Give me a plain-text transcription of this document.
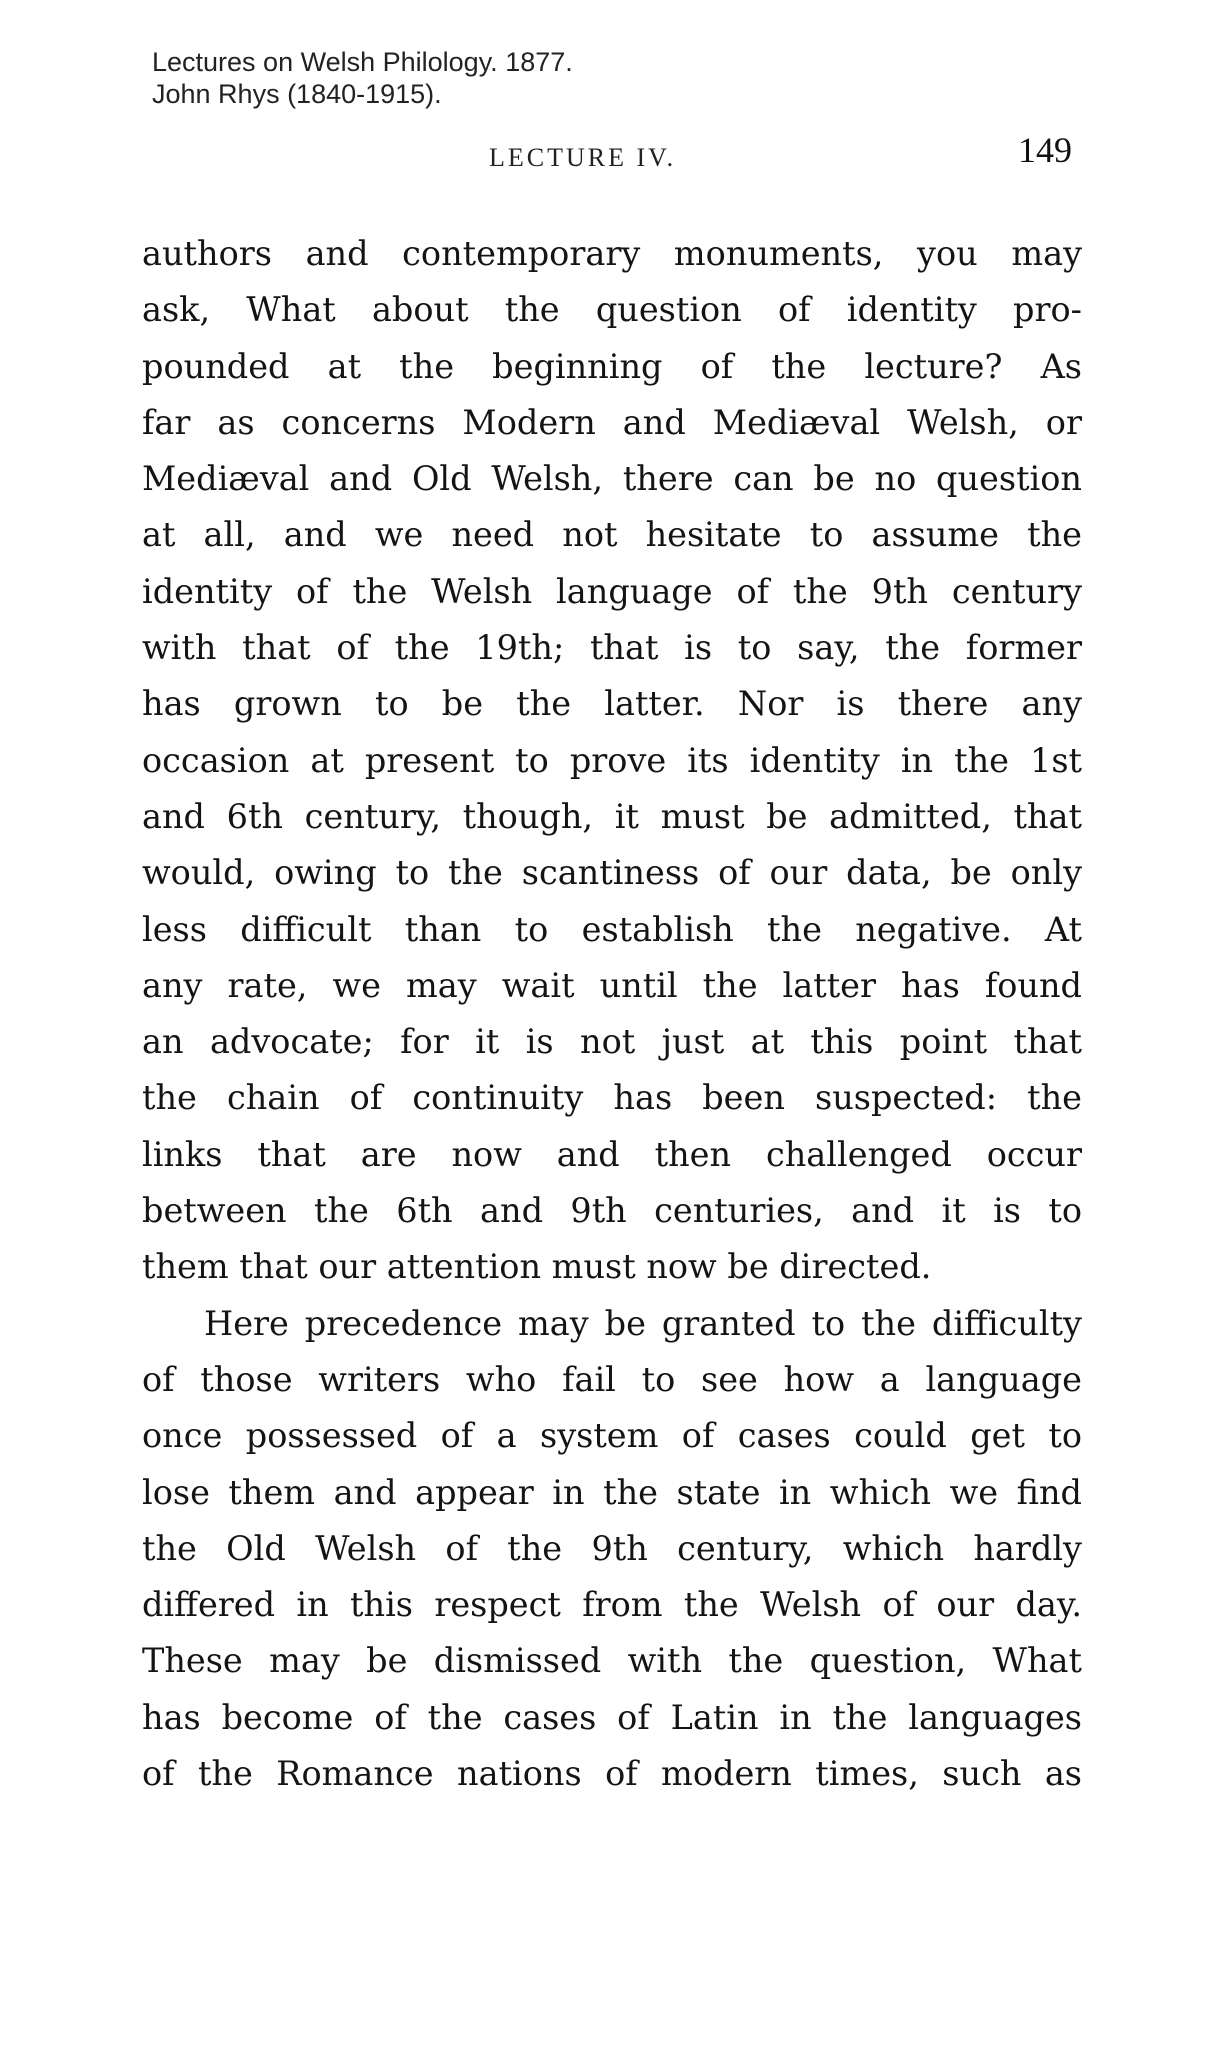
Lectures on Welsh Philology. 1877.
John Rhys (1840-1915).
LECTURE IV.	149
authors and contemporary monuments, you may
ask, What about the question of identity pro-
pounded at the beginning of the lecture? As
far as concerns Modern and Mediæval Welsh, or
Mediæval and Old Welsh, there can be no question
at all, and we need not hesitate to assume the
identity of the Welsh language of the 9th century
with that of the 19th; that is to say, the former
has grown to be the latter. Nor is there any
occasion at present to prove its identity in the 1st
and 6th century, though, it must be admitted, that
would, owing to the scantiness of our data, be only
less difficult than to establish the negative. At
any rate, we may wait until the latter has found
an advocate; for it is not just at this point that
the chain of continuity has been suspected: the
links that are now and then challenged occur
between the 6th and 9th centuries, and it is to
them that our attention must now be directed.
Here precedence may be granted to the difficulty
of those writers who fail to see how a language
once possessed of a system of cases could get to
lose them and appear in the state in which we find
the Old Welsh of the 9th century, which hardly
differed in this respect from the Welsh of our day.
These may be dismissed with the question, What
has become of the cases of Latin in the languages
of the Romance nations of modern times, such as
